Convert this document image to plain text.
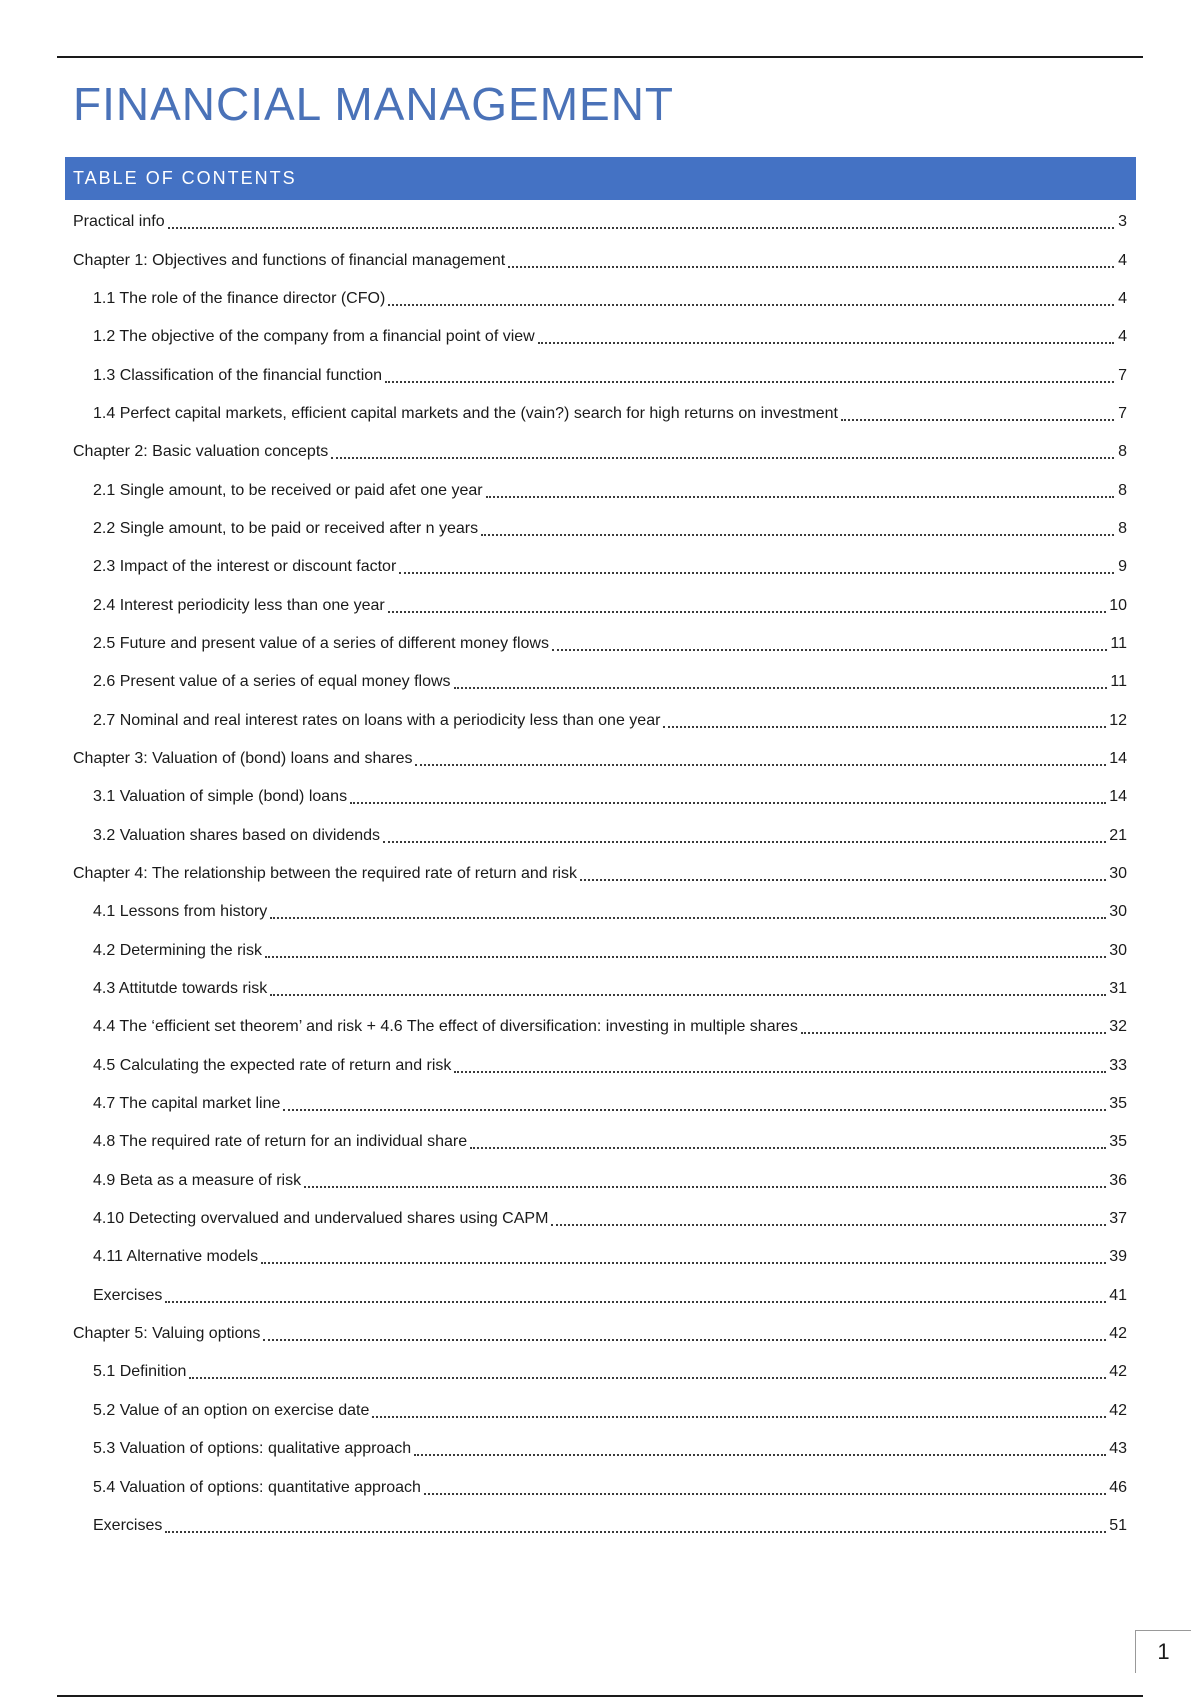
FINANCIAL MANAGEMENT
TABLE OF CONTENTS
Practical info	3
Chapter 1: Objectives and functions of financial management	4
1.1 The role of the finance director (CFO)	4
1.2 The objective of the company from a financial point of view	4
1.3 Classification of the financial function	7
1.4 Perfect capital markets, efficient capital markets and the (vain?) search for high returns on investment	7
Chapter 2: Basic valuation concepts	8
2.1 Single amount, to be received or paid afet one year	8
2.2 Single amount, to be paid or received after n years	8
2.3 Impact of the interest or discount factor	9
2.4 Interest periodicity less than one year	10
2.5 Future and present value of a series of different money flows	11
2.6 Present value of a series of equal money flows	11
2.7 Nominal and real interest rates on loans with a periodicity less than one year	12
Chapter 3: Valuation of (bond) loans and shares	14
3.1 Valuation of simple (bond) loans	14
3.2 Valuation shares based on dividends	21
Chapter 4: The relationship between the required rate of return and risk	30
4.1 Lessons from history	30
4.2 Determining the risk	30
4.3 Attitutde towards risk	31
4.4 The ‘efficient set theorem’ and risk + 4.6 The effect of diversification: investing in multiple shares	32
4.5 Calculating the expected rate of return and risk	33
4.7 The capital market line	35
4.8 The required rate of return for an individual share	35
4.9 Beta as a measure of risk	36
4.10 Detecting overvalued and undervalued shares using CAPM	37
4.11 Alternative models	39
Exercises	41
Chapter 5: Valuing options	42
5.1 Definition	42
5.2 Value of an option on exercise date	42
5.3 Valuation of options: qualitative approach	43
5.4 Valuation of options: quantitative approach	46
Exercises	51
1
